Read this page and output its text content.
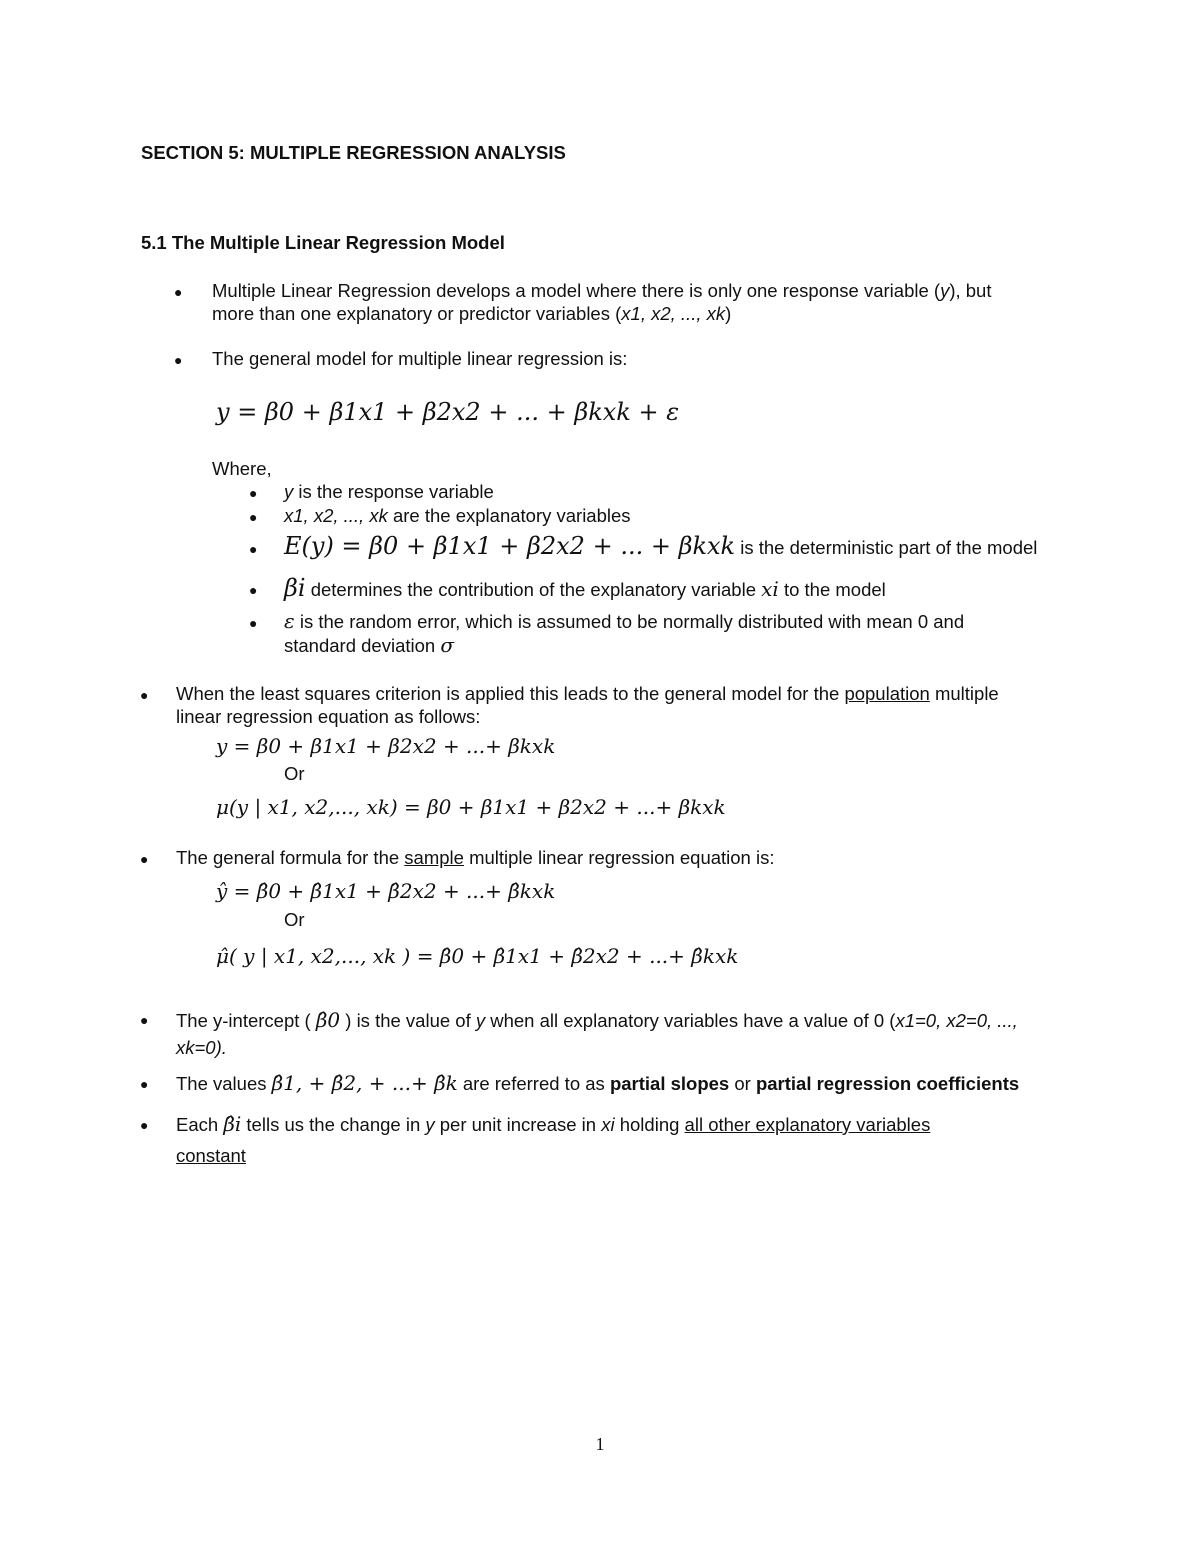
SECTION 5: MULTIPLE REGRESSION ANALYSIS
5.1 The Multiple Linear Regression Model
● Multiple Linear Regression develops a model where there is only one response variable (y), but
more than one explanatory or predictor variables (x1, x2, ..., xk)
● The general model for multiple linear regression is:
y = β0 + β1x1 + β2x2 + ... + βkxk + ε
Where,
● y is the response variable
● x1, x2, ..., xk are the explanatory variables
● E(y) = β0 + β1x1 + β2x2 + ... + βkxk is the deterministic part of the model
● βi determines the contribution of the explanatory variable xi to the model
● ε is the random error, which is assumed to be normally distributed with mean 0 and
standard deviation σ
● When the least squares criterion is applied this leads to the general model for the population multiple
linear regression equation as follows:
y = β0 + β1x1 + β2x2 + ...+ βkxk
Or
μ(y | x1, x2,..., xk) = β0 + β1x1 + β2x2 + ...+ βkxk
● The general formula for the sample multiple linear regression equation is:
ŷ = β̂0 + β̂1x1 + β̂2x2 + ...+ β̂kxk
Or
μ̂( y | x1, x2,..., xk ) = β̂0 + β̂1x1 + β̂2x2 + ...+ β̂kxk
● The y-intercept ( β̂0 ) is the value of y when all explanatory variables have a value of 0 (x1=0, x2=0, ...,
xk=0).
● The values β̂1, + β̂2, + ...+ β̂k are referred to as partial slopes or partial regression coefficients
● Each β̂i tells us the change in y per unit increase in xi holding all other explanatory variables
constant
1
